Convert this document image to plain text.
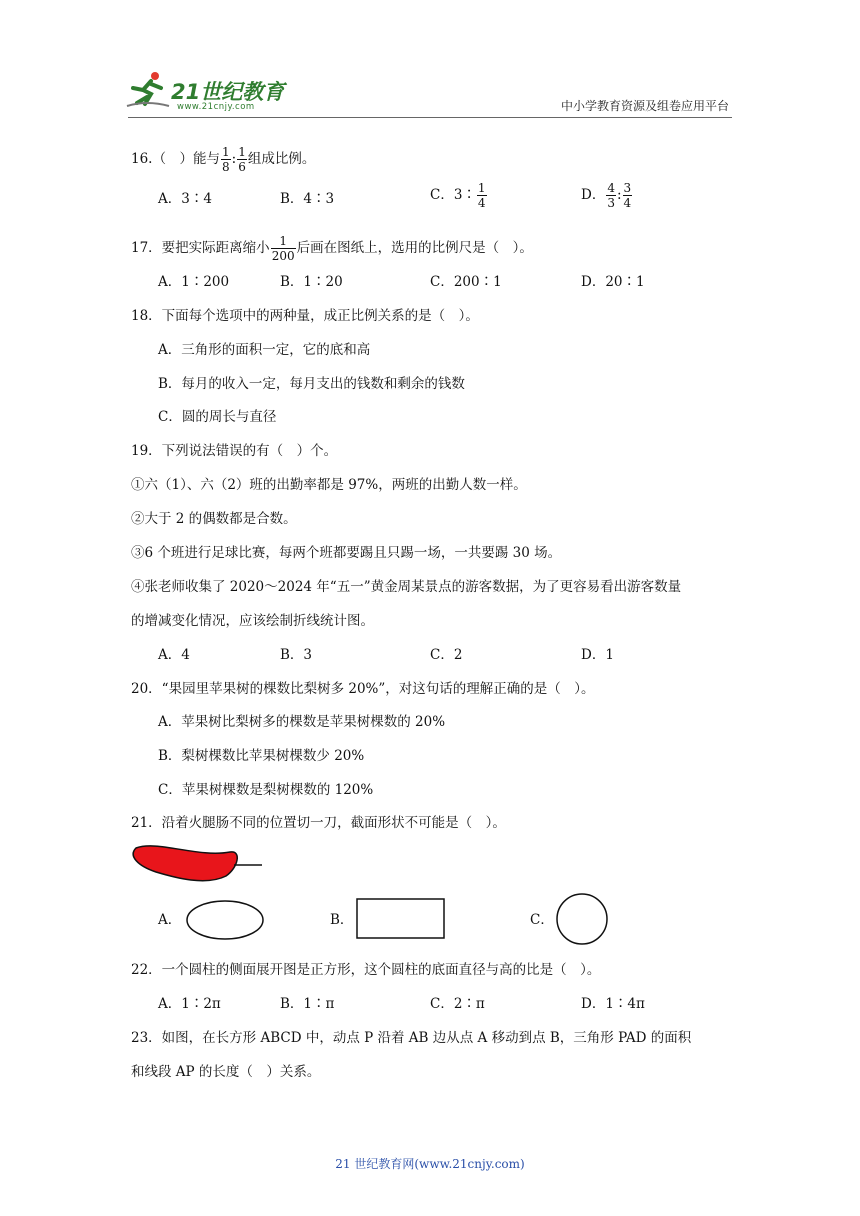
21世纪教育
www.21cnjy.com	中小学教育资源及组卷应用平台
16.（　）能与 $\frac{1}{8}$ : $\frac{1}{6}$ 组成比例。
A．3∶4	B．4∶3	C．3∶ $\frac{1}{4}$	D． $\frac{4}{3}$ : $\frac{3}{4}$
17．要把实际距离缩小 $\frac{1}{200}$ 后画在图纸上，选用的比例尺是（　）。
A．1∶200	B．1∶20	C．200∶1	D．20∶1
18．下面每个选项中的两种量，成正比例关系的是（　）。
A．三角形的面积一定，它的底和高
B．每月的收入一定，每月支出的钱数和剩余的钱数
C．圆的周长与直径
19．下列说法错误的有（　）个。
①六（1）、六（2）班的出勤率都是 97%，两班的出勤人数一样。
②大于 2 的偶数都是合数。
③6 个班进行足球比赛，每两个班都要踢且只踢一场，一共要踢 30 场。
④张老师收集了 2020～2024 年“五一”黄金周某景点的游客数据，为了更容易看出游客数量
的增减变化情况，应该绘制折线统计图。
A．4	B．3	C．2	D．1
20．“果园里苹果树的棵数比梨树多 20%”，对这句话的理解正确的是（　）。
A．苹果树比梨树多的棵数是苹果树棵数的 20%
B．梨树棵数比苹果树棵数少 20%
C．苹果树棵数是梨树棵数的 120%
21．沿着火腿肠不同的位置切一刀，截面形状不可能是（　）。
A．	B．	C．
22．一个圆柱的侧面展开图是正方形，这个圆柱的底面直径与高的比是（　）。
A．1∶2π	B．1∶π	C．2∶π	D．1∶4π
23．如图，在长方形 ABCD 中，动点 P 沿着 AB 边从点 A 移动到点 B，三角形 PAD 的面积
和线段 AP 的长度（　）关系。
21 世纪教育网(www.21cnjy.com)
